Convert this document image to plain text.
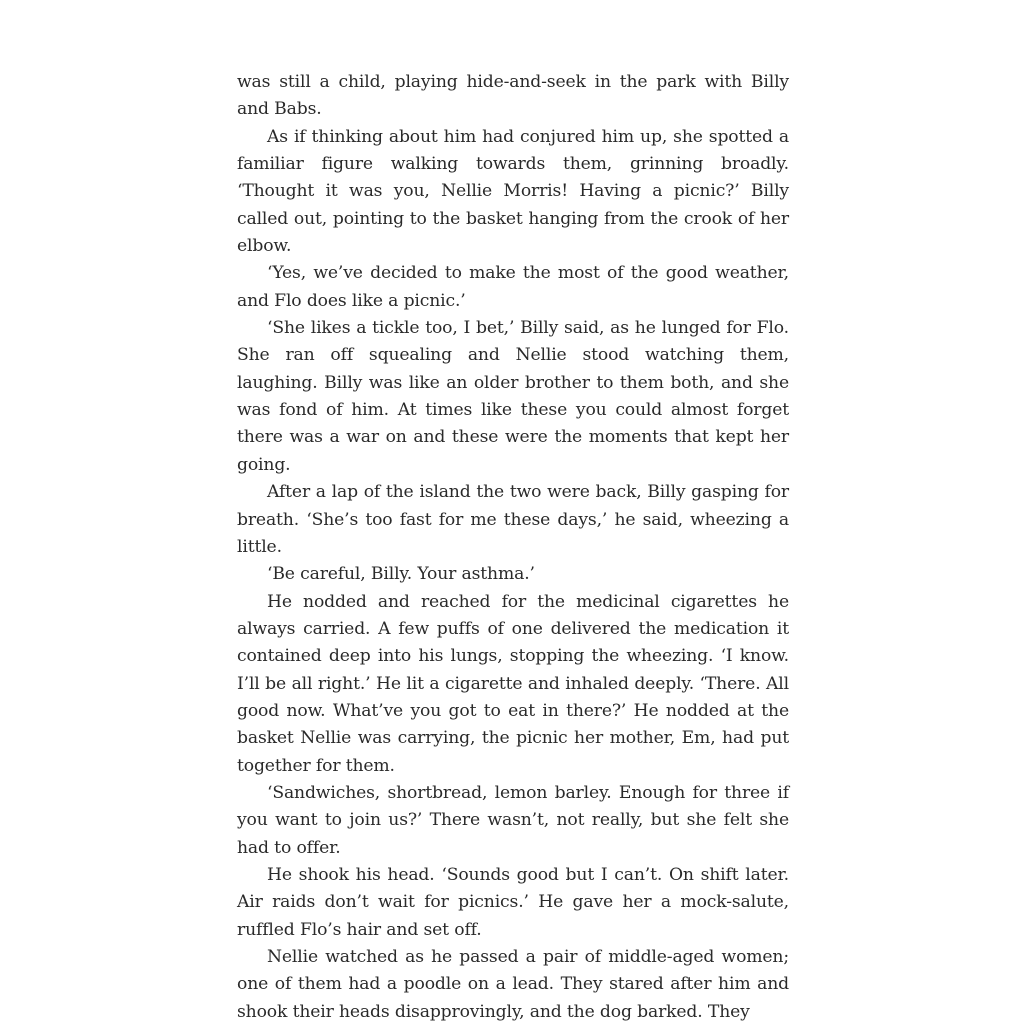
was still a child, playing hide-and-seek in the park with Billy and Babs.

As if thinking about him had conjured him up, she spotted a familiar figure walking towards them, grinning broadly. ‘Thought it was you, Nellie Morris! Having a picnic?’ Billy called out, pointing to the basket hanging from the crook of her elbow.

‘Yes, we’ve decided to make the most of the good weather, and Flo does like a picnic.’

‘She likes a tickle too, I bet,’ Billy said, as he lunged for Flo. She ran off squealing and Nellie stood watching them, laughing. Billy was like an older brother to them both, and she was fond of him. At times like these you could almost forget there was a war on and these were the moments that kept her going.

After a lap of the island the two were back, Billy gasping for breath. ‘She’s too fast for me these days,’ he said, wheezing a little.

‘Be careful, Billy. Your asthma.’

He nodded and reached for the medicinal cigarettes he always carried. A few puffs of one delivered the medication it contained deep into his lungs, stopping the wheezing. ‘I know. I’ll be all right.’ He lit a cigarette and inhaled deeply. ‘There. All good now. What’ve you got to eat in there?’ He nodded at the basket Nellie was carrying, the picnic her mother, Em, had put together for them.

‘Sandwiches, shortbread, lemon barley. Enough for three if you want to join us?’ There wasn’t, not really, but she felt she had to offer.

He shook his head. ‘Sounds good but I can’t. On shift later. Air raids don’t wait for picnics.’ He gave her a mock-salute, ruffled Flo’s hair and set off.

Nellie watched as he passed a pair of middle-aged women; one of them had a poodle on a lead. They stared after him and shook their heads disapprovingly, and the dog barked. They
